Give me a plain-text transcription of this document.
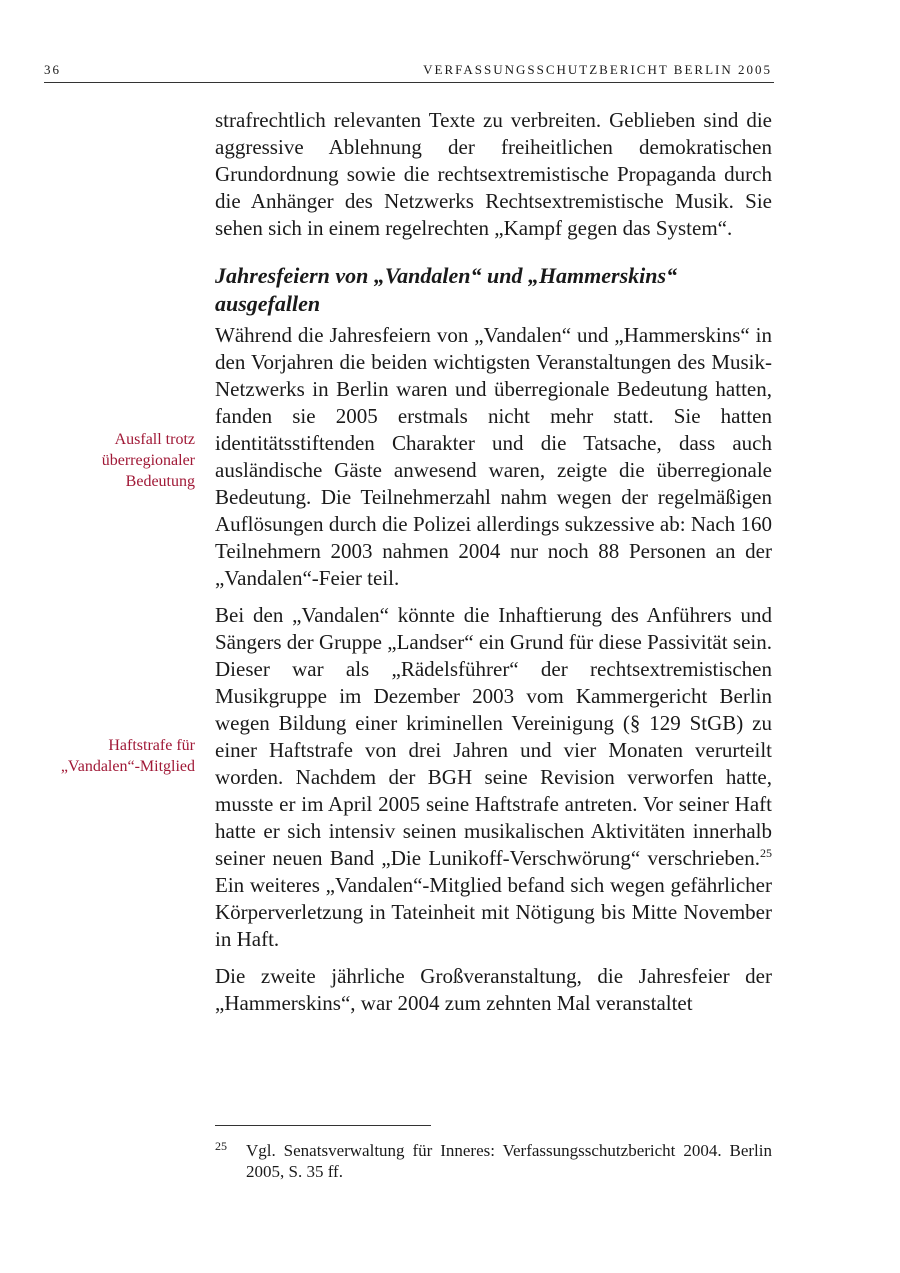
36	VERFASSUNGSSCHUTZBERICHT BERLIN 2005
Ausfall trotz
überregionaler
Bedeutung
Haftstrafe für
„Vandalen“-Mitglied

strafrechtlich relevanten Texte zu verbreiten. Geblieben sind die aggressive Ablehnung der freiheitlichen demokratischen Grundordnung sowie die rechtsextremistische Propaganda durch die Anhänger des Netzwerks Rechtsextremistische Musik. Sie sehen sich in einem regelrechten „Kampf gegen das System“.

Jahresfeiern von „Vandalen“ und „Hammerskins“
ausgefallen

Während die Jahresfeiern von „Vandalen“ und „Hammerskins“ in den Vorjahren die beiden wichtigsten Veranstaltungen des Musik-Netzwerks in Berlin waren und überregionale Bedeutung hatten, fanden sie 2005 erstmals nicht mehr statt. Sie hatten identitätsstiftenden Charakter und die Tatsache, dass auch ausländische Gäste anwesend waren, zeigte die überregionale Bedeutung. Die Teilnehmerzahl nahm wegen der regelmäßigen Auflösungen durch die Polizei allerdings sukzessive ab: Nach 160 Teilnehmern 2003 nahmen 2004 nur noch 88 Personen an der „Vandalen“-Feier teil.

Bei den „Vandalen“ könnte die Inhaftierung des Anführers und Sängers der Gruppe „Landser“ ein Grund für diese Passivität sein. Dieser war als „Rädelsführer“ der rechtsextremistischen Musikgruppe im Dezember 2003 vom Kammergericht Berlin wegen Bildung einer kriminellen Vereinigung (§ 129 StGB) zu einer Haftstrafe von drei Jahren und vier Monaten verurteilt worden. Nachdem der BGH seine Revision verworfen hatte, musste er im April 2005 seine Haftstrafe antreten. Vor seiner Haft hatte er sich intensiv seinen musikalischen Aktivitäten innerhalb seiner neuen Band „Die Lunikoff-Verschwörung“ verschrieben.$^{25}$ Ein weiteres „Vandalen“-Mitglied befand sich wegen gefährlicher Körperverletzung in Tateinheit mit Nötigung bis Mitte November in Haft.

Die zweite jährliche Großveranstaltung, die Jahresfeier der „Hammerskins“, war 2004 zum zehnten Mal veranstaltet

25 Vgl. Senatsverwaltung für Inneres: Verfassungsschutzbericht 2004. Berlin 2005, S. 35 ff.
